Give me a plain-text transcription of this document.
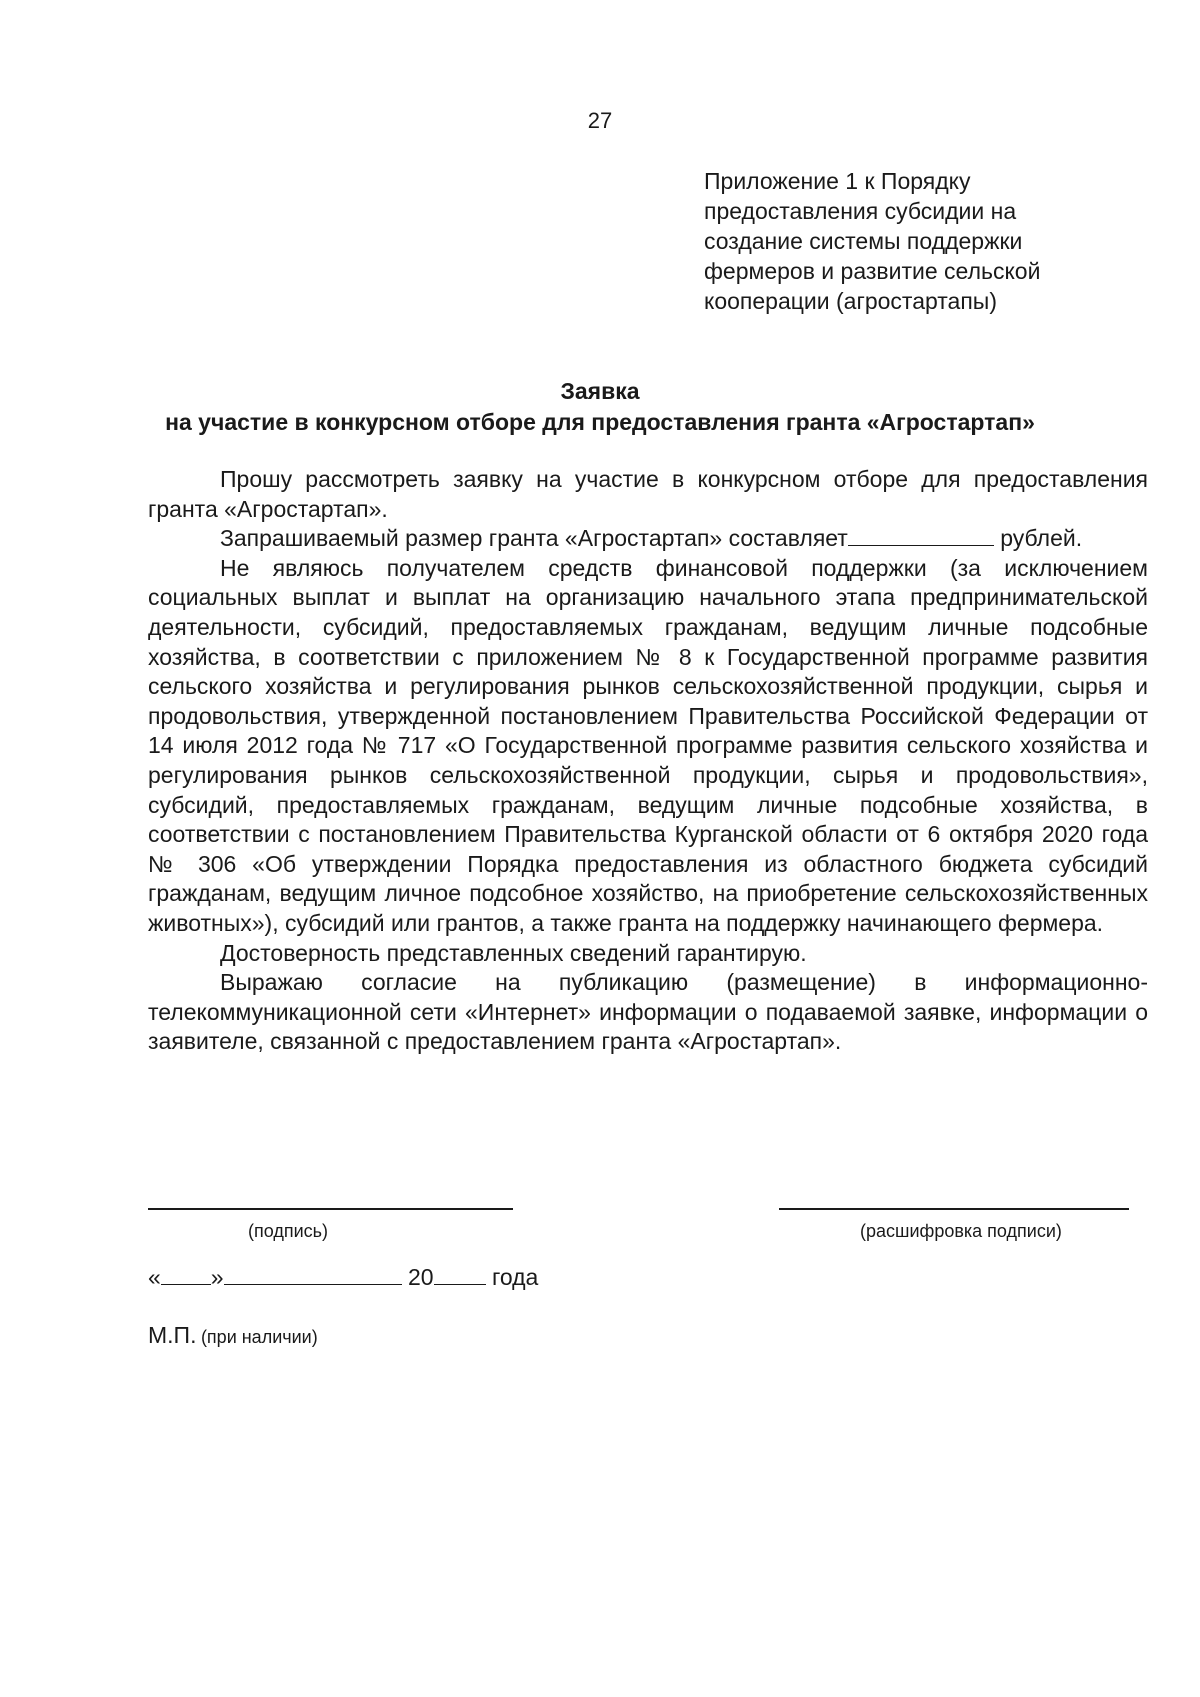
27
Приложение 1 к Порядку
предоставления субсидии на
создание системы поддержки
фермеров и развитие сельской
кооперации (агростартапы)
Заявка
на участие в конкурсном отборе для предоставления гранта «Агростартап»

Прошу рассмотреть заявку на участие в конкурсном отборе для предоставления гранта «Агростартап».

Запрашиваемый размер гранта «Агростартап» составляет	рублей.

Не являюсь получателем средств финансовой поддержки (за исключением социальных выплат и выплат на организацию начального этапа предпринимательской деятельности, субсидий, предоставляемых гражданам, ведущим личные подсобные хозяйства, в соответствии с приложением № 8 к Государственной программе развития сельского хозяйства и регулирования рынков сельскохозяйственной продукции, сырья и продовольствия, утвержденной постановлением Правительства Российской Федерации от 14 июля 2012 года № 717 «О Государственной программе развития сельского хозяйства и регулирования рынков сельскохозяйственной продукции, сырья и продовольствия», субсидий, предоставляемых гражданам, ведущим личные подсобные хозяйства, в соответствии с постановлением Правительства Курганской области от 6 октября 2020 года № 306 «Об утверждении Порядка предоставления из областного бюджета субсидий гражданам, ведущим личное подсобное хозяйство, на приобретение сельскохозяйственных животных»), субсидий или грантов, а также гранта на поддержку начинающего фермера.

Достоверность представленных сведений гарантирую.

Выражаю согласие на публикацию (размещение) в информационно-телекоммуникационной сети «Интернет» информации о подаваемой заявке, информации о заявителе, связанной с предоставлением гранта «Агростартап».

(подпись)	(расшифровка подписи)
« »	20	года
М.П. (при наличии)
